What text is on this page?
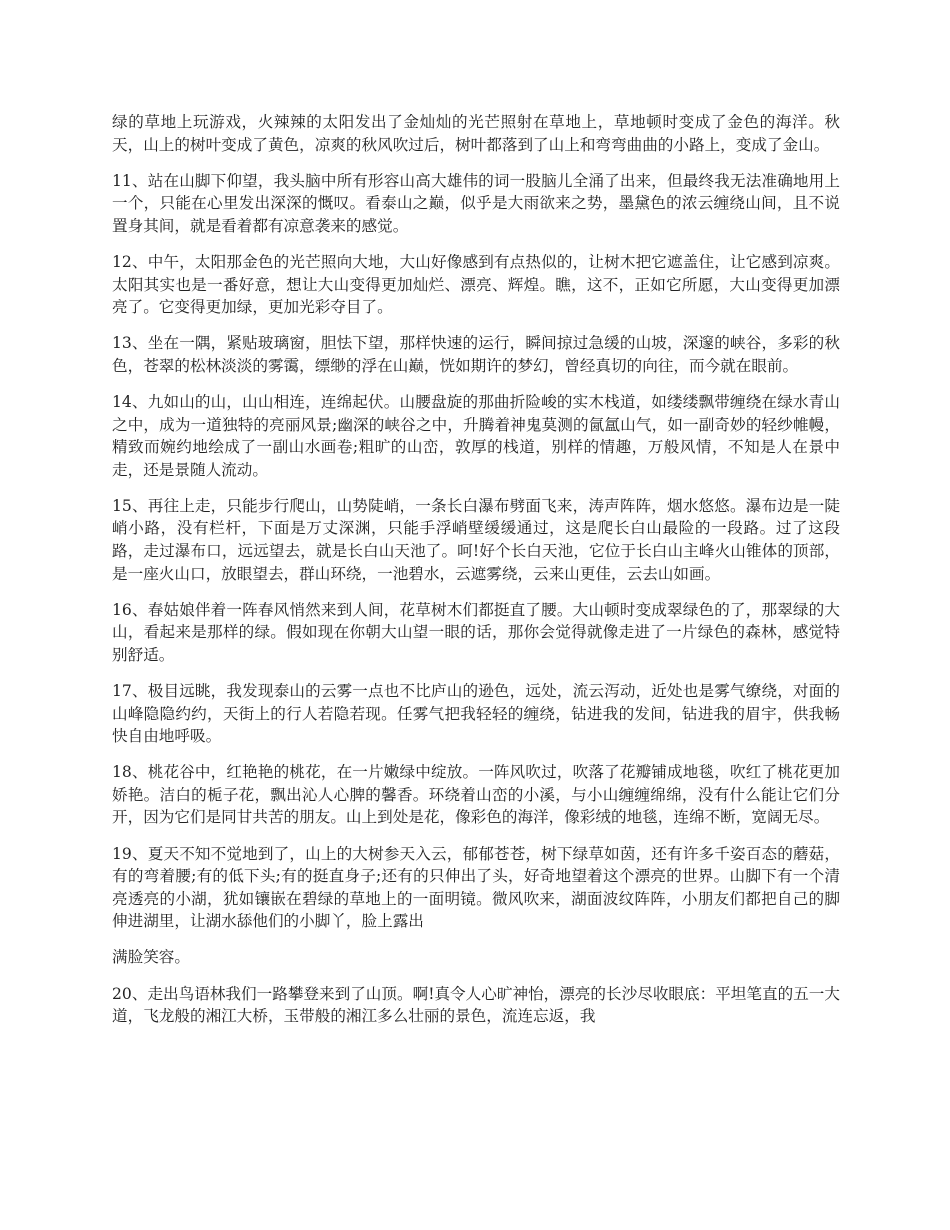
绿的草地上玩游戏，火辣辣的太阳发出了金灿灿的光芒照射在草地上，草地顿时变成了金色的海洋。秋天，山上的树叶变成了黄色，凉爽的秋风吹过后，树叶都落到了山上和弯弯曲曲的小路上，变成了金山。

11、站在山脚下仰望，我头脑中所有形容山高大雄伟的词一股脑儿全涌了出来，但最终我无法准确地用上一个，只能在心里发出深深的慨叹。看泰山之巅，似乎是大雨欲来之势，墨黛色的浓云缠绕山间，且不说置身其间，就是看着都有凉意袭来的感觉。

12、中午，太阳那金色的光芒照向大地，大山好像感到有点热似的，让树木把它遮盖住，让它感到凉爽。太阳其实也是一番好意，想让大山变得更加灿烂、漂亮、辉煌。瞧，这不，正如它所愿，大山变得更加漂亮了。它变得更加绿，更加光彩夺目了。

13、坐在一隅，紧贴玻璃窗，胆怯下望，那样快速的运行，瞬间掠过急缓的山坡，深邃的峡谷，多彩的秋色，苍翠的松林淡淡的雾霭，缥缈的浮在山巅，恍如期许的梦幻，曾经真切的向往，而今就在眼前。

14、九如山的山，山山相连，连绵起伏。山腰盘旋的那曲折险峻的实木栈道，如缕缕飘带缠绕在绿水青山之中，成为一道独特的亮丽风景;幽深的峡谷之中，升腾着神鬼莫测的氤氲山气，如一副奇妙的轻纱帷幔，精致而婉约地绘成了一副山水画卷;粗旷的山峦，敦厚的栈道，别样的情趣，万般风情，不知是人在景中走，还是景随人流动。

15、再往上走，只能步行爬山，山势陡峭，一条长白瀑布劈面飞来，涛声阵阵，烟水悠悠。瀑布边是一陡峭小路，没有栏杆，下面是万丈深渊，只能手浮峭壁缓缓通过，这是爬长白山最险的一段路。过了这段路，走过瀑布口，远远望去，就是长白山天池了。呵!好个长白天池，它位于长白山主峰火山锥体的顶部，是一座火山口，放眼望去，群山环绕，一池碧水，云遮雾绕，云来山更佳，云去山如画。

16、春姑娘伴着一阵春风悄然来到人间，花草树木们都挺直了腰。大山顿时变成翠绿色的了，那翠绿的大山，看起来是那样的绿。假如现在你朝大山望一眼的话，那你会觉得就像走进了一片绿色的森林，感觉特别舒适。

17、极目远眺，我发现泰山的云雾一点也不比庐山的逊色，远处，流云泻动，近处也是雾气缭绕，对面的山峰隐隐约约，天街上的行人若隐若现。任雾气把我轻轻的缠绕，钻进我的发间，钻进我的眉宇，供我畅快自由地呼吸。

18、桃花谷中，红艳艳的桃花，在一片嫩绿中绽放。一阵风吹过，吹落了花瓣铺成地毯，吹红了桃花更加娇艳。洁白的栀子花，飘出沁人心脾的馨香。环绕着山峦的小溪，与小山缠缠绵绵，没有什么能让它们分开，因为它们是同甘共苦的朋友。山上到处是花，像彩色的海洋，像彩绒的地毯，连绵不断，宽阔无尽。

19、夏天不知不觉地到了，山上的大树参天入云，郁郁苍苍，树下绿草如茵，还有许多千姿百态的蘑菇，有的弯着腰;有的低下头;有的挺直身子;还有的只伸出了头，好奇地望着这个漂亮的世界。山脚下有一个清亮透亮的小湖，犹如镶嵌在碧绿的草地上的一面明镜。微风吹来，湖面波纹阵阵，小朋友们都把自己的脚伸进湖里，让湖水舔他们的小脚丫，脸上露出

满脸笑容。

20、走出鸟语林我们一路攀登来到了山顶。啊!真令人心旷神怡，漂亮的长沙尽收眼底：平坦笔直的五一大道，飞龙般的湘江大桥，玉带般的湘江多么壮丽的景色，流连忘返，我
